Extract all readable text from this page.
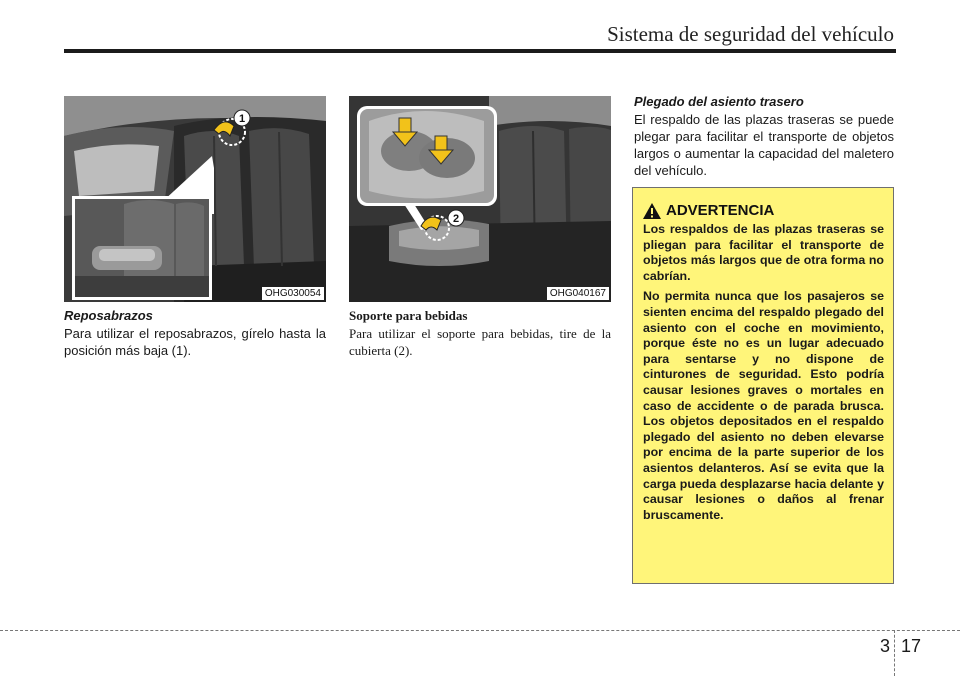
Sistema de seguridad del vehículo
1
OHG030054
Reposabrazos
Para utilizar el reposabrazos, gírelo hasta la posición más baja (1).
2
OHG040167
Soporte para bebidas
Para utilizar el soporte para bebidas, tire de la cubierta (2).
Plegado del asiento trasero
El respaldo de las plazas traseras se puede plegar para facilitar el transporte de objetos largos o aumentar la capacidad del maletero del vehículo.
ADVERTENCIA

Los respaldos de las plazas traseras se pliegan para facilitar el transporte de objetos más largos que de otra forma no cabrían.

No permita nunca que los pasajeros se sienten encima del respaldo plegado del asiento con el coche en movimiento, porque éste no es un lugar adecuado para sentarse y no dispone de cinturones de seguridad. Esto podría causar lesiones graves o mortales en caso de accidente o de parada brusca. Los objetos depositados en el respaldo plegado del asiento no deben elevarse por encima de la parte superior de los asientos delanteros. Así se evita que la carga pueda desplazarse hacia delante y causar lesiones o daños al frenar bruscamente.

3 17
